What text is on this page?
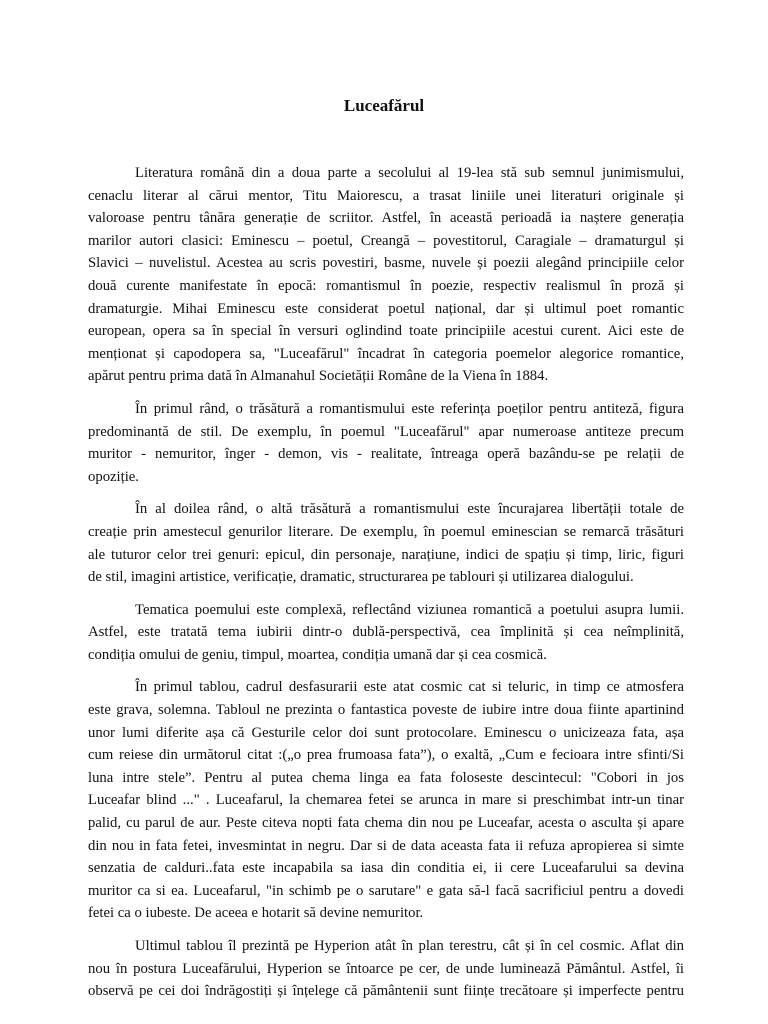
Luceafărul
Literatura română din a doua parte a secolului al 19-lea stă sub semnul junimismului,
cenaclu literar al cărui mentor, Titu Maiorescu, a trasat liniile unei literaturi originale și
valoroase pentru tânăra generație de scriitor. Astfel, în această perioadă ia naștere generația
marilor autori clasici: Eminescu – poetul, Creangă – povestitorul, Caragiale – dramaturgul și
Slavici – nuvelistul. Acestea au scris povestiri, basme, nuvele și poezii alegând principiile celor
două curente manifestate în epocă: romantismul în poezie, respectiv realismul în proză și
dramaturgie. Mihai Eminescu este considerat poetul național, dar și ultimul poet romantic
european, opera sa în special în versuri oglindind toate principiile acestui curent. Aici este de
menționat și capodopera sa, "Luceafărul" încadrat în categoria poemelor alegorice romantice,
apărut pentru prima dată în Almanahul Societății Române de la Viena în 1884.
În primul rând, o trăsătură a romantismului este referința poeților pentru antiteză, figura
predominantă de stil. De exemplu, în poemul "Luceafărul" apar numeroase antiteze precum
muritor - nemuritor, înger - demon, vis - realitate, întreaga operă bazându-se pe relații de
opoziție.
În al doilea rând, o altă trăsătură a romantismului este încurajarea libertății totale de
creație prin amestecul genurilor literare. De exemplu, în poemul eminescian se remarcă trăsături
ale tuturor celor trei genuri: epicul, din personaje, narațiune, indici de spațiu și timp, liric, figuri
de stil, imagini artistice, verificație, dramatic, structurarea pe tablouri și utilizarea dialogului.
Tematica poemului este complexă, reflectând viziunea romantică a poetului asupra lumii.
Astfel, este tratată tema iubirii dintr-o dublă-perspectivă, cea împlinită și cea neîmplinită,
condiția omului de geniu, timpul, moartea, condiția umană dar și cea cosmică.
În primul tablou, cadrul desfasurarii este atat cosmic cat si teluric, in timp ce atmosfera
este grava, solemna. Tabloul ne prezinta o fantastica poveste de iubire intre doua fiinte apartinind
unor lumi diferite așa că Gesturile celor doi sunt protocolare. Eminescu o unicizeaza fata, așa
cum reiese din următorul citat :(„o prea frumoasa fata”), o exaltă, „Cum e fecioara intre sfinti/Si
luna intre stele”. Pentru al putea chema linga ea fata foloseste descintecul: "Cobori in jos
Luceafar blind ..." . Luceafarul, la chemarea fetei se arunca in mare si preschimbat intr-un tinar
palid, cu parul de aur. Peste citeva nopti fata chema din nou pe Luceafar, acesta o asculta și apare
din nou in fata fetei, invesmintat in negru. Dar si de data aceasta fata ii refuza apropierea si simte
senzatia de calduri..fata este incapabila sa iasa din conditia ei, ii cere Luceafarului sa devina
muritor ca si ea. Luceafarul, "in schimb pe o sarutare" e gata să-l facă sacrificiul pentru a dovedi
fetei ca o iubeste. De aceea e hotarit să devine nemuritor.
Ultimul tablou îl prezintă pe Hyperion atât în plan terestru, cât și în cel cosmic. Aflat din
nou în postura Luceafărului, Hyperion se întoarce pe cer, de unde luminează Pământul. Astfel, îi
observă pe cei doi îndrăgostiți și înțelege că pământenii sunt ființe trecătoare și imperfecte pentru
